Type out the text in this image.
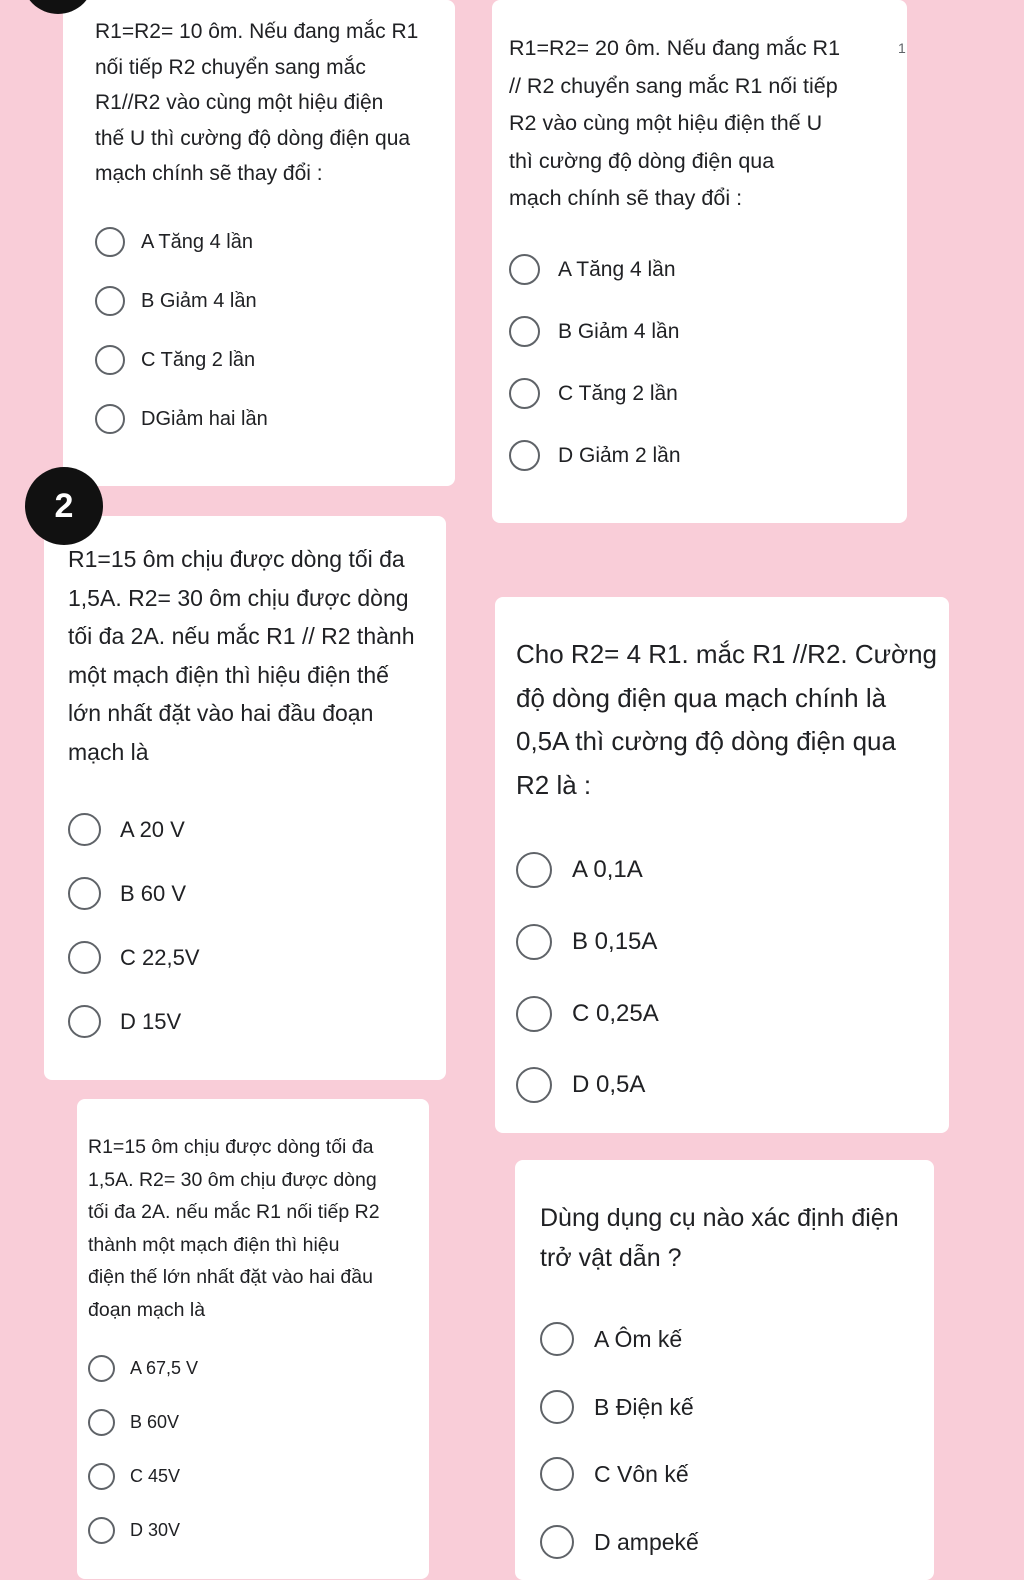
R1=R2= 10 ôm. Nếu đang mắc R1
nối tiếp R2 chuyển sang mắc
R1//R2 vào cùng một hiệu điện
thế U thì cường độ dòng điện qua
mạch chính sẽ thay đổi :

A Tăng 4 lần
B Giảm 4 lần
C Tăng 2 lần
DGiảm hai lần

R1=R2= 20 ôm. Nếu đang mắc R1
// R2 chuyển sang mắc R1 nối tiếp
R2 vào cùng một hiệu điện thế U
thì cường độ dòng điện qua
mạch chính sẽ thay đổi :

1
A Tăng 4 lần
B Giảm 4 lần
C Tăng 2 lần
D Giảm 2 lần

R1=15 ôm chịu được dòng tối đa
1,5A. R2= 30 ôm chịu được dòng
tối đa 2A. nếu mắc R1 // R2 thành
một mạch điện thì hiệu điện thế
lớn nhất đặt vào hai đầu đoạn
mạch là

A 20 V
B 60 V
C 22,5V
D 15V
2

Cho R2= 4 R1. mắc R1 //R2. Cường
độ dòng điện qua mạch chính là
0,5A thì cường độ dòng điện qua
R2 là :

A 0,1A
B 0,15A
C 0,25A
D 0,5A

R1=15 ôm chịu được dòng tối đa
1,5A. R2= 30 ôm chịu được dòng
tối đa 2A. nếu mắc R1 nối tiếp R2
thành một mạch điện thì hiệu
điện thế lớn nhất đặt vào hai đầu
đoạn mạch là

A 67,5 V
B 60V
C 45V
D 30V

Dùng dụng cụ nào xác định điện
trở vật dẫn ?

A Ôm kế
B Điện kế
C Vôn kế
D ampekế
